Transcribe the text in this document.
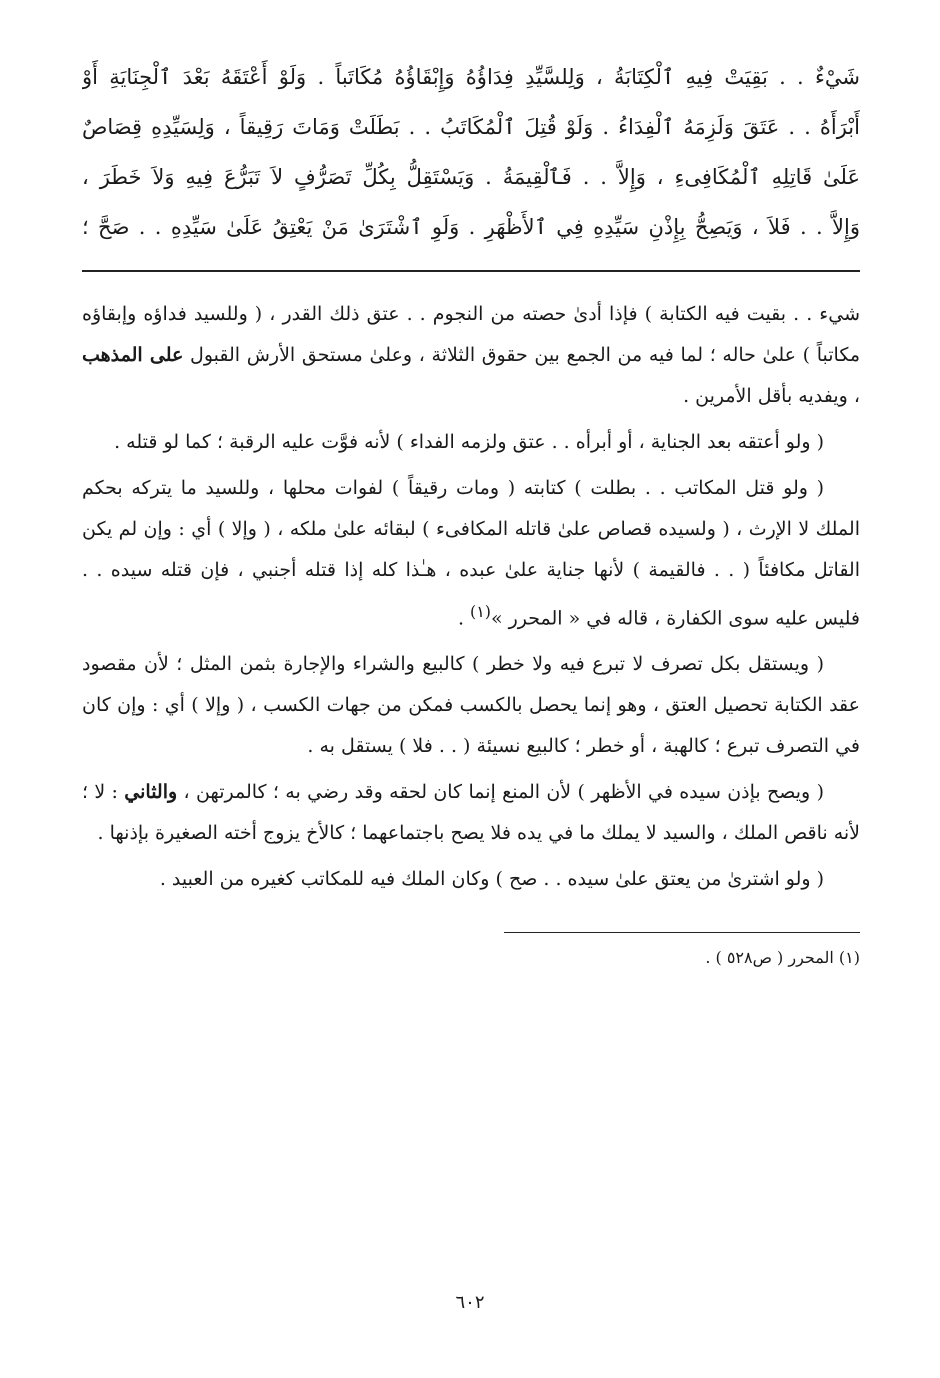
شَيْءٌ . . بَقِيَتْ فِيهِ ٱلْكِتَابَةُ ، وَلِلسَّيِّدِ فِدَاؤُهُ وَإِبْقَاؤُهُ مُكَاتَباً . وَلَوْ أَعْتَقَهُ بَعْدَ ٱلْجِنَايَةِ أَوْ
أَبْرَأَهُ . . عَتَقَ وَلَزِمَهُ ٱلْفِدَاءُ . وَلَوْ قُتِلَ ٱلْمُكَاتَبُ . . بَطَلَتْ وَمَاتَ رَقِيقاً ، وَلِسَيِّدِهِ قِصَاصٌ
عَلَىٰ قَاتِلِهِ ٱلْمُكَافِىءِ ، وَإِلاَّ . . فَٱلْقِيمَةُ . وَيَسْتَقِلُّ بِكُلِّ تَصَرُّفٍ لاَ تَبَرُّعَ فِيهِ وَلاَ خَطَرَ ،
وَإِلاَّ . . فَلاَ ، وَيَصِحُّ بِإِذْنِ سَيِّدِهِ فِي ٱلأَظْهَرِ . وَلَوِ ٱشْتَرَىٰ مَنْ يَعْتِقُ عَلَىٰ سَيِّدِهِ . . صَحَّ ؛

شيء . . بقيت فيه الكتابة ) فإذا أدىٰ حصته من النجوم . . عتق ذلك القدر ، ( وللسيد فداؤه وإبقاؤه مكاتباً ) علىٰ حاله ؛ لما فيه من الجمع بين حقوق الثلاثة ، وعلىٰ مستحق الأرش القبول على المذهب ، ويفديه بأقل الأمرين .

( ولو أعتقه بعد الجناية ، أو أبرأه . . عتق ولزمه الفداء ) لأنه فوَّت عليه الرقبة ؛ كما لو قتله .

( ولو قتل المكاتب . . بطلت ) كتابته ( ومات رقيقاً ) لفوات محلها ، وللسيد ما يتركه بحكم الملك لا الإرث ، ( ولسيده قصاص علىٰ قاتله المكافىء ) لبقائه علىٰ ملكه ، ( وإلا ) أي : وإن لم يكن القاتل مكافئاً ( . . فالقيمة ) لأنها جناية علىٰ عبده ، هـٰذا كله إذا قتله أجنبي ، فإن قتله سيده . . فليس عليه سوى الكفارة ، قاله في « المحرر »$^{(١)}$ .

( ويستقل بكل تصرف لا تبرع فيه ولا خطر ) كالبيع والشراء والإجارة بثمن المثل ؛ لأن مقصود عقد الكتابة تحصيل العتق ، وهو إنما يحصل بالكسب فمكن من جهات الكسب ، ( وإلا ) أي : وإن كان في التصرف تبرع ؛ كالهبة ، أو خطر ؛ كالبيع نسيئة ( . . فلا ) يستقل به .

( ويصح بإذن سيده في الأظهر ) لأن المنع إنما كان لحقه وقد رضي به ؛ كالمرتهن ، والثاني : لا ؛ لأنه ناقص الملك ، والسيد لا يملك ما في يده فلا يصح باجتماعهما ؛ كالأخ يزوج أخته الصغيرة بإذنها .

( ولو اشترىٰ من يعتق علىٰ سيده . . صح ) وكان الملك فيه للمكاتب كغيره من العبيد .

(١) المحرر ( ص٥٢٨ ) .
٦٠٢
